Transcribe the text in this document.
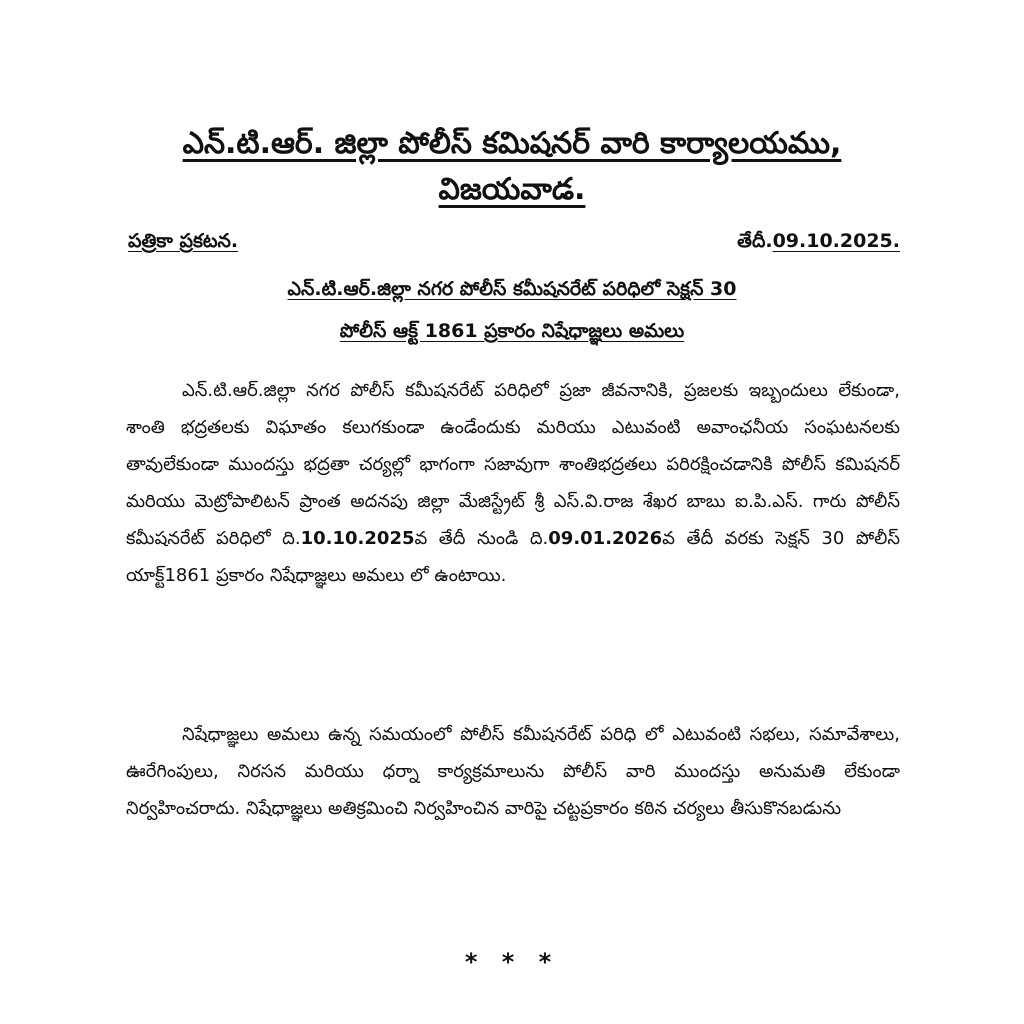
ఎన్.టి.ఆర్. జిల్లా పోలీస్ కమిషనర్ వారి కార్యాలయము,
విజయవాడ.
పత్రికా ప్రకటన.	తేదీ.09.10.2025.
ఎన్.టి.ఆర్.జిల్లా నగర పోలీస్ కమీషనరేట్ పరిధిలో సెక్షన్ 30
పోలీస్ ఆక్ట్ 1861 ప్రకారం నిషేధాజ్ఞలు అమలు

ఎన్.టి.ఆర్.జిల్లా నగర పోలీస్ కమీషనరేట్ పరిధిలో ప్రజా జీవనానికి, ప్రజలకు ఇబ్బందులు లేకుండా, శాంతి భద్రతలకు విఘాతం కలుగకుండా ఉండేందుకు మరియు ఎటువంటి అవాంఛనీయ సంఘటనలకు తావులేకుండా ముందస్తు భద్రతా చర్యల్లో భాగంగా సజావుగా శాంతిభద్రతలు పరిరక్షించడానికి పోలీస్ కమిషనర్ మరియు మెట్రోపాలిటన్ ప్రాంత అదనపు జిల్లా మేజిస్ట్రేట్ శ్రీ ఎస్.వి.రాజ శేఖర బాబు ఐ.పి.ఎస్. గారు పోలీస్ కమీషనరేట్ పరిధిలో ది.10.10.2025వ తేదీ నుండి ది.09.01.2026వ తేదీ వరకు సెక్షన్ 30 పోలీస్ యాక్ట్1861 ప్రకారం నిషేధాజ్ఞలు అమలు లో ఉంటాయి.

నిషేధాజ్ఞలు అమలు ఉన్న సమయంలో పోలీస్ కమీషనరేట్ పరిధి లో ఎటువంటి సభలు, సమావేశాలు, ఊరేగింపులు, నిరసన మరియు ధర్నా కార్యక్రమాలును పోలీస్ వారి ముందస్తు అనుమతి లేకుండా నిర్వహించరాదు. నిషేధాజ్ఞలు అతిక్రమించి నిర్వహించిన వారిపై చట్టప్రకారం కఠిన చర్యలు తీసుకొనబడును

* * *
